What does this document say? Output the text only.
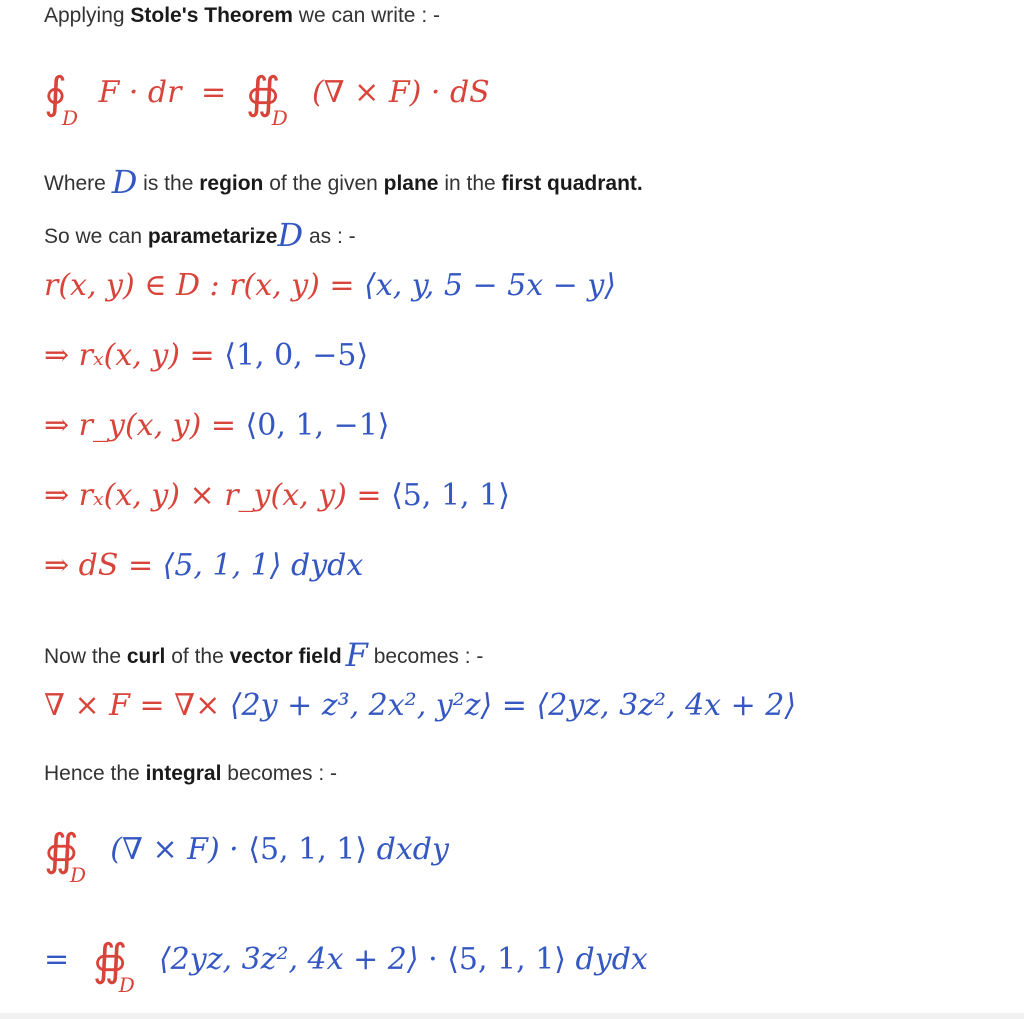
Applying Stole's Theorem we can write : -
∮
D
F · dr = ∯
D
(∇ × F) · dS
Where D is the region of the given plane in the first quadrant.
So we can parametarizeD as : -
r(x, y) ∈ D : r(x, y) = ⟨x, y, 5 − 5x − y⟩
⇒ rₓ(x, y) = ⟨1, 0, −5⟩
⇒ r_y(x, y) = ⟨0, 1, −1⟩
⇒ rₓ(x, y) × r_y(x, y) = ⟨5, 1, 1⟩
⇒ dS = ⟨5, 1, 1⟩ dydx
Now the curl of the vector field F becomes : -
∇ × F = ∇× ⟨2y + z³, 2x², y²z⟩ = ⟨2yz, 3z², 4x + 2⟩
Hence the integral becomes : -
∯
D
(∇ × F) · ⟨5, 1, 1⟩ dxdy
= ∯
D
⟨2yz, 3z², 4x + 2⟩ · ⟨5, 1, 1⟩ dydx
